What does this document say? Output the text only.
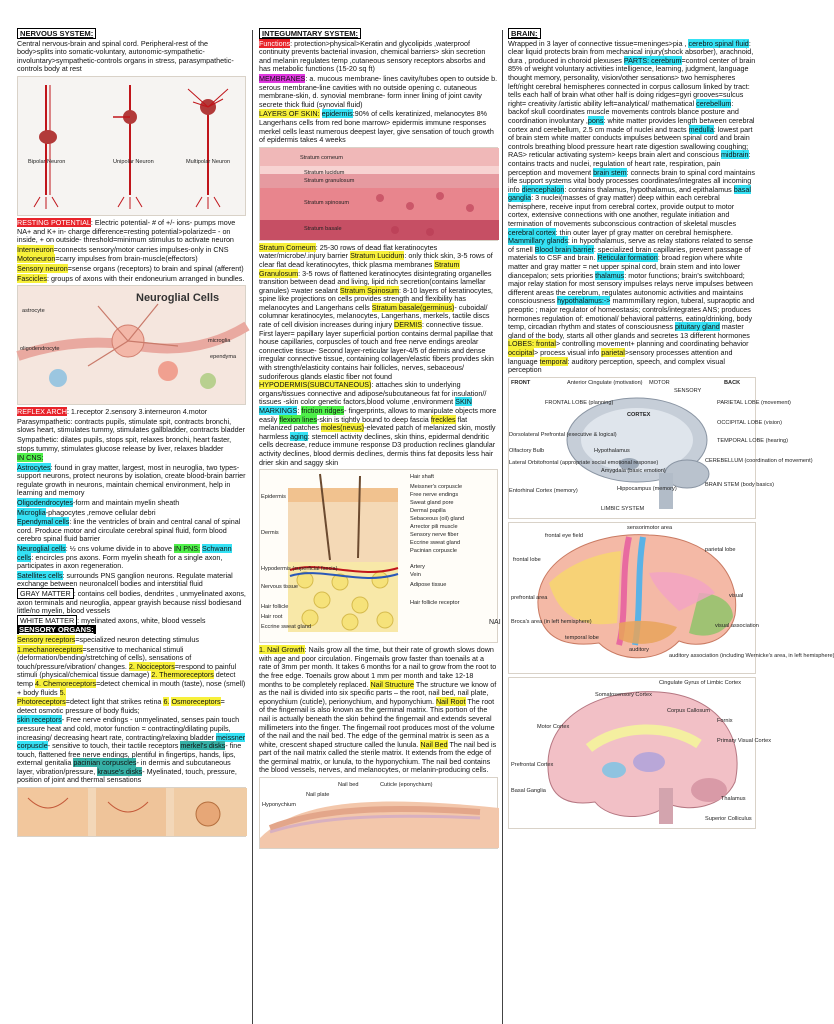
NERVOUS SYSTEM:

Central nervous-brain and spinal cord. Peripheral-rest of the body>splits into somatic-voluntary, autonomic-sympathetic-involuntary>sympathetic-controls organs in stress, parasympathetic-controls body at rest

Bipolar Neuron	Unipolar Neuron	Multipolar Neuron

RESTING POTENTIAL: Electric potential- # of +/- ions- pumps move NA+ and K+ in- charge difference=resting potential>polarized= - on inside, + on outside- threshold=minimum stimulus to activate neuron

Interneuron=connects sensory/motor carries impulses-only in CNS

Motoneuron=carry impulses from brain-muscle(effectors)

Sensory neuron=sense organs (receptors) to brain and spinal (afferent)

Fascicles: groups of axons with their endoneurium arranged in bundles.

Neuroglial Cells
astrocyte
oligodendrocyte
microglia
ependyma

REFLEX ARCH: 1.receptor 2.sensory 3.interneuron 4.motor

Parasympathetic: contracts pupils, stimulate spit, contracts bronchi, slows heart, stimulates tummy, stimulates gallbladder, contracts bladder

Sympathetic: dilates pupils, stops spit, relaxes bronchi, heart faster, stops tummy, stimulates glucose release by liver, relaxes bladder

IN CNS:

Astrocytes: found in gray matter, largest, most in neuroglia, two types-support neurons, protect neurons by isolation, create blood-brain barrier regulate growth in neurons, maintain chemical environment, help in learning and memory

Oligodendrocytes-form and maintain myelin sheath

Microglia-phagocytes ,remove cellular debri

Ependymal cells: line the ventricles of brain and central canal of spinal cord. Produce motor and circulate cerebral spinal fluid, form blood cerebro spinal fluid barrier

Neuroglial cells: ½ cns volume divide in to above IN PNS: Schwann cells: encircles pns axons. Form myelin sheath for a single axon, participates in axon regeneration.

Satellites cells: surrounds PNS ganglion neurons. Regulate material exchange between neuronalcell bodies and interstitial fluid

GRAY MATTER : contains cell bodies, dendrites , unmyelinated axons, axon terminals and neuroglia, appear grayish because nissl bodiesand little/no myelin, blood vessels

WHITE MATTER : myelinated axons, white, blood vessels

SENSORY ORGANS:

Sensory receptors=specialized neuron detecting stimulus

1.mechanoreceptors=sensitive to mechanical stimuli (deformation/bending/stretching of cells), sensations of touch/pressure/vibration/ changes. 2. Nociceptors=respond to painful stimuli (physical/chemical tissue damage) 2. Thermoreceptors detect temp 4. Chemoreceptors=detect chemical in mouth (taste), nose (smell) + body fluids 5.

Photoreceptors=detect light that strikes retina 6. Osmoreceptors= detect osmotic pressure of body fluids;

skin receptors- Free nerve endings - unmyelinated, senses pain touch pressure heat and cold, motor function = contracting/dilating pupils, increasing/ decreasing heart rate, contracting/relaxing bladder meissner corpuscle- sensitive to touch, their tactile receptors merkel's disks- fine touch, flattened free nerve endings, plentiful in fingertips, hands, lips, external genitalia pacinian corpuscles- in dermis and subcutaneous layer, vibration/pressure, krause's disks- Myelinated, touch, pressure, position of joint and thermal sensations

INTEGUMNTARY SYSTEM:

Functions: protection>physical>Keratin and glycolipids ,waterproof continuity prevents bacterial invasion, chemical barriers> skin secretion and melanin regulates temp ,cutaneous sensory receptors absorbs and has metabolic functions (15-20 sq ft)

MEMBRANES: a. mucous membrane- lines cavity/tubes open to outside b. serous membrane-line cavities with no outside opening c. cutaneous membrane-skin, d. synovial membrane- form inner lining of joint cavity secrete thick fluid (synovial fluid)

LAYERS OF SKIN: epidermis:90% of cells keratinized, melanocytes 8% Langerhans cells from red bone marrow> epidermis immune responses merkel cells least numerous deepest layer, give sensation of touch growth of epidermis takes 4 weeks

Stratum corneum
Stratum lucidum
Stratum granulosum
Stratum spinosum
Stratum basale

Stratum Corneum: 25-30 rows of dead flat keratinocytes water/microbe/.injury barrier Stratum Lucidum: only thick skin, 3-5 rows of clear flat dead keratinocytes, thick plasma membranes Stratum Granulosum: 3-5 rows of flattened keratinocytes disintegrating organelles transition between dead and living, lipid rich secretion(contains lamellar granules) =water sealant Stratum Spinosum: 8-10 layers of keratinocytes, spine like projections on cells provides strength and flexibility has melanocytes and Langerhans cells Stratum basale(germinus)- cuboidal/ columnar keratinocytes, melanocytes, Langerhans, merkels, tactile discs rate of cell division increases during injury DERMIS: connective tissue. First layer= papillary layer superficial portion contains dermal papillae that house capillaries, corpuscles of touch and free nerve endings areolar connective tissue- Second layer-reticular layer-4/5 of dermis and dense irregular connective tissue, containing collagen/elastic fibers provides skin with strength/elasticity contains hair follicles, nerves, sebaceous/ sudoriferous glands elastic fiber not found HYPODERMIS(SUBCUTANEOUS): attaches skin to underlying organs/tissues connective and adipose/subcutaneous fat for insulation// tissues -skin color genetic factors,blood volume ,environment SKIN MARKINGS: friction ridges- fingerprints, allows to manipulate objects more easily flexion lines-skin is tightly bound to deep fascia freckles flat melanized patches moles(nevus)-elevated patch of melanized skin, mostly harmless aging: stemcell activity declines, skin thins, epidermal dendritic cells decrease, reduce immune response D3 production reclines glandular activity declines, blood dermis declines, dermis thins fat deposits less hair drier skin and saggy skin

Hair shaft
Epidermis
Meissner's corpuscle
Free nerve endings
Sweat gland pore
Dermal papilla
Sebaceous (oil) gland
Arrector pili muscle
Sensory nerve fiber
Eccrine sweat gland
Pacinian corpuscle
Artery
Vein
Adipose tissue
Dermis
Hypodermis (superficial fascia)
Nervous tissue
Hair follicle
Hair root
Hair follicle receptor
Eccrine sweat gland
NAI

1. Nail Growth: Nails grow all the time, but their rate of growth slows down with age and poor circulation. Fingernails grow faster than toenails at a rate of 3mm per month. It takes 6 months for a nail to grow from the root to the free edge. Toenails grow about 1 mm per month and take 12-18 months to be completely replaced. Nail Structure The structure we know of as the nail is divided into six specific parts – the root, nail bed, nail plate, eponychium (cuticle), perionychium, and hyponychium. Nail Root The root of the fingernail is also known as the germinal matrix. This portion of the nail is actually beneath the skin behind the fingernail and extends several millimeters into the finger. The fingernail root produces most of the volume of the nail and the nail bed. The edge of the germinal matrix is seen as a white, crescent shaped structure called the lunula. Nail Bed The nail bed is part of the nail matrix called the sterile matrix. It extends from the edge of the germinal matrix, or lunula, to the hyponychium. The nail bed contains the blood vessels, nerves, and melanocytes, or melanin-producing cells.

Nail bed
Nail plate
Cuticle (eponychium)
Hyponychium

BRAIN:

Wrapped in 3 layer of connective tissue=meninges>pia , cerebro spinal fluid: clear liquid protects brain from mechanical injury(shock absorber), arachnoid, dura , produced in choroid plexuses PARTS: cerebrum=control center of brain 85% of weight voluntary activities intelligence, learning, judgment, language thought memory, personality, vision/other sensations> two hemispheres left/right cerebral hemispheres connected in corpus callosum linked by tract: tells each half of brain what other half is doing ridges=gyri grooves=sulcus right= creativity /artistic ability left=analytical/ mathematical cerebellum: backof skull coordinates muscle movements controls blance posture and coordination involuntary ,pons: white matter provides length between cerebral cortex and cerebellum, 2.5 cm made of nuclei and tracts medulla: lowest part of brain stem white matter conducts impulses between spinal cord and brain controls breathing blood pressure heart rate digestion swallowing coughing; RAS> reticular activating system> keeps brain alert and conscious midbrain: contains tracts and nuclei, regulation of heart rate, respiration, pain perception and movement brain stem: connects brain to spinal cord maintains life support systems vital body processes coordinates/integrates all incoming info diencephalon: contains thalamus, hypothalamus, and epithalamus basal ganglia: 3 nuclei(masses of gray matter) deep within each cerebral hemisphere, receive input from cerebral cortex, provide output to motor cortex, extensive connections with one another, regulate initiation and termination of movements subconscious contraction of skeletal muscles cerebral cortex: thin outer layer pf gray matter on cerebral hemisphere. Mammillary glands: in hypothalamus, serve as relay stations related to sense of smell Blood brain barrier: specialized brain capillaries, prevent passage of materials to CSF and brain. Reticular formation: broad region where white matter and gray matter = net upper spinal cord, brain stem and into lower diancepalon; sets priorities thalamus: motor functions; brain's switchboard; major relay station for most sensory impulses relays nerve impulses between different areas the cerebrum, regulates autonomic activities and maintains consciousness hypothalamus:-> mammmillary region, tuberal, supraoptic and preoptic ; major regulator of homeostasis; controls/integrates ANS; produces hormones regulation of: emotional/ behavioral patterns, eating/drinking, body temp, circadian rhythm and states of consciousness pituitary gland master gland of the body, starts all other glands and secretes 13 different hormones LOBES: frontal> controlling movement+ planning and coordinating behavior occipital> process visual info parietal>sensory processes attention and language temporal: auditory perception, speech, and complex visual perception

FRONT	BACK
Anterior Cingulate (motivation) MOTOR
SENSORY
FRONTAL LOBE (planning)	PARIETAL LOBE (movement)
CORTEX
OCCIPITAL LOBE (vision)
Dorsolateral Prefrontal (executive & logical)
TEMPORAL LOBE (hearing)
Olfactory Bulb	Hypothalamus
Lateral Orbitofrontal (appropriate social emotional response)
Amygdala (basic emotion)
CEREBELLUM (coordination of movement)
Entorhinal Cortex (memory)	Hippocampus (memory)
BRAIN STEM (body basics)
LIMBIC SYSTEM
sensorimotor area
frontal eye field
parietal lobe
frontal lobe
prefrontal area	visual
Broca's area (in left hemisphere)
visual association
temporal lobe
auditory
auditory association (including Wernicke's area, in left hemisphere)
Cingulate Gyrus of Limbic Cortex
Somatosensory Cortex
Corpus Callosum
Fornix
Motor Cortex
Primary Visual Cortex
Prefrontal Cortex
Basal Ganglia
Thalamus
Superior Colliculus
